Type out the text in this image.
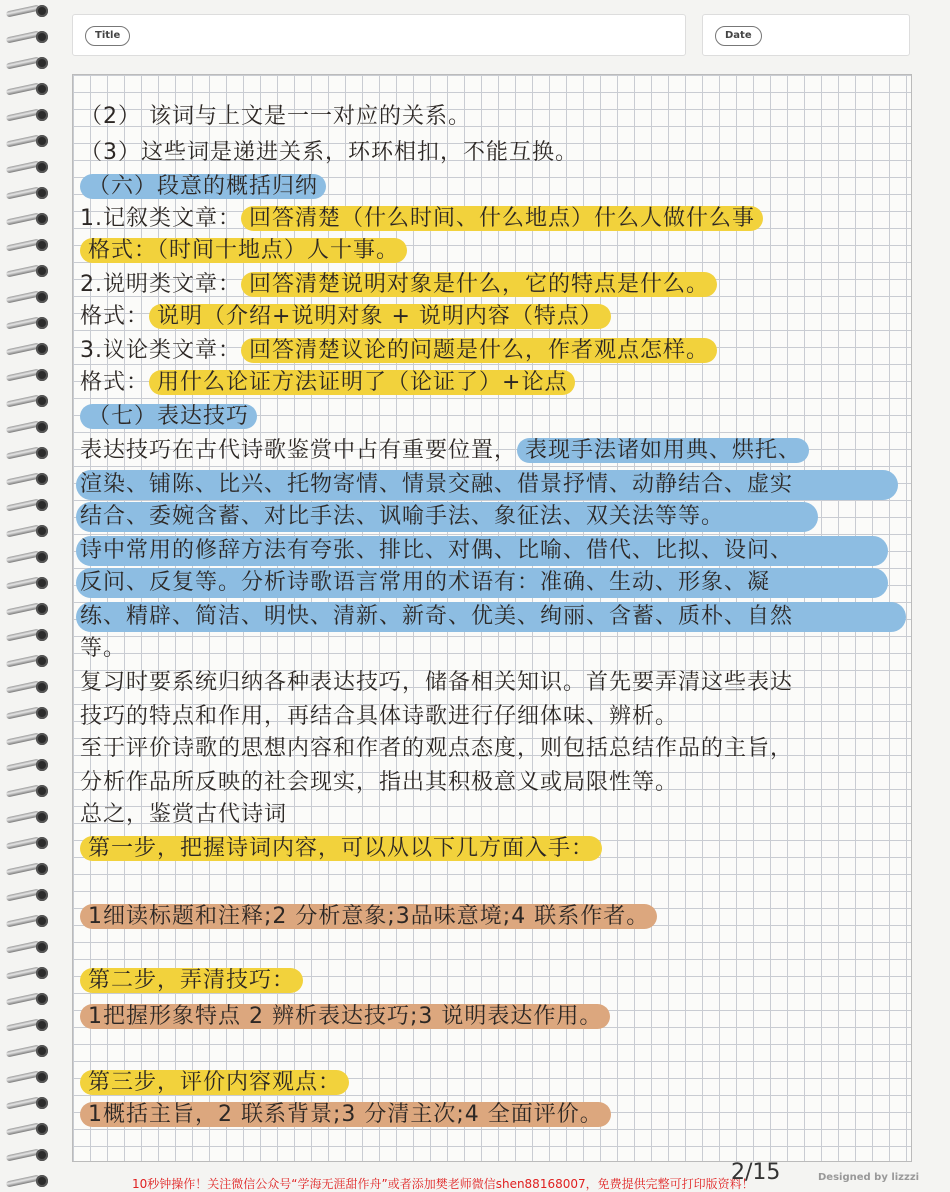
Title	Date
（2） 该词与上文是一一对应的关系。
（3）这些词是递进关系，环环相扣，不能互换。
（六）段意的概括归纳
1.记叙类文章： 回答清楚（什么时间、什么地点）什么人做什么事
格式：（时间十地点）人十事。
2.说明类文章： 回答清楚说明对象是什么，它的特点是什么。
格式： 说明（介绍+说明对象 + 说明内容（特点）
3.议论类文章： 回答清楚议论的问题是什么，作者观点怎样。
格式： 用什么论证方法证明了（论证了）+论点
（七）表达技巧
表达技巧在古代诗歌鉴赏中占有重要位置， 表现手法诸如用典、烘托、
渲染、铺陈、比兴、托物寄情、情景交融、借景抒情、动静结合、虚实
结合、委婉含蓄、对比手法、讽喻手法、象征法、双关法等等。
诗中常用的修辞方法有夸张、排比、对偶、比喻、借代、比拟、设问、
反问、反复等。分析诗歌语言常用的术语有：准确、生动、形象、凝
练、精辟、简洁、明快、清新、新奇、优美、绚丽、含蓄、质朴、自然
等。
复习时要系统归纳各种表达技巧，储备相关知识。首先要弄清这些表达
技巧的特点和作用，再结合具体诗歌进行仔细体味、辨析。
至于评价诗歌的思想内容和作者的观点态度，则包括总结作品的主旨，
分析作品所反映的社会现实，指出其积极意义或局限性等。
总之，鉴赏古代诗词
第一步，把握诗词内容，可以从以下几方面入手：
1细读标题和注释;2 分析意象;3品味意境;4 联系作者。
第二步，弄清技巧：
1把握形象特点 2 辨析表达技巧;3 说明表达作用。
第三步，评价内容观点：
1概括主旨，2 联系背景;3 分清主次;4 全面评价。
10秒钟操作！关注微信公众号“学海无涯甜作舟”或者添加樊老师微信shen88168007，免费提供完整可打印版资料！
2/15	Designed by lizzzi
